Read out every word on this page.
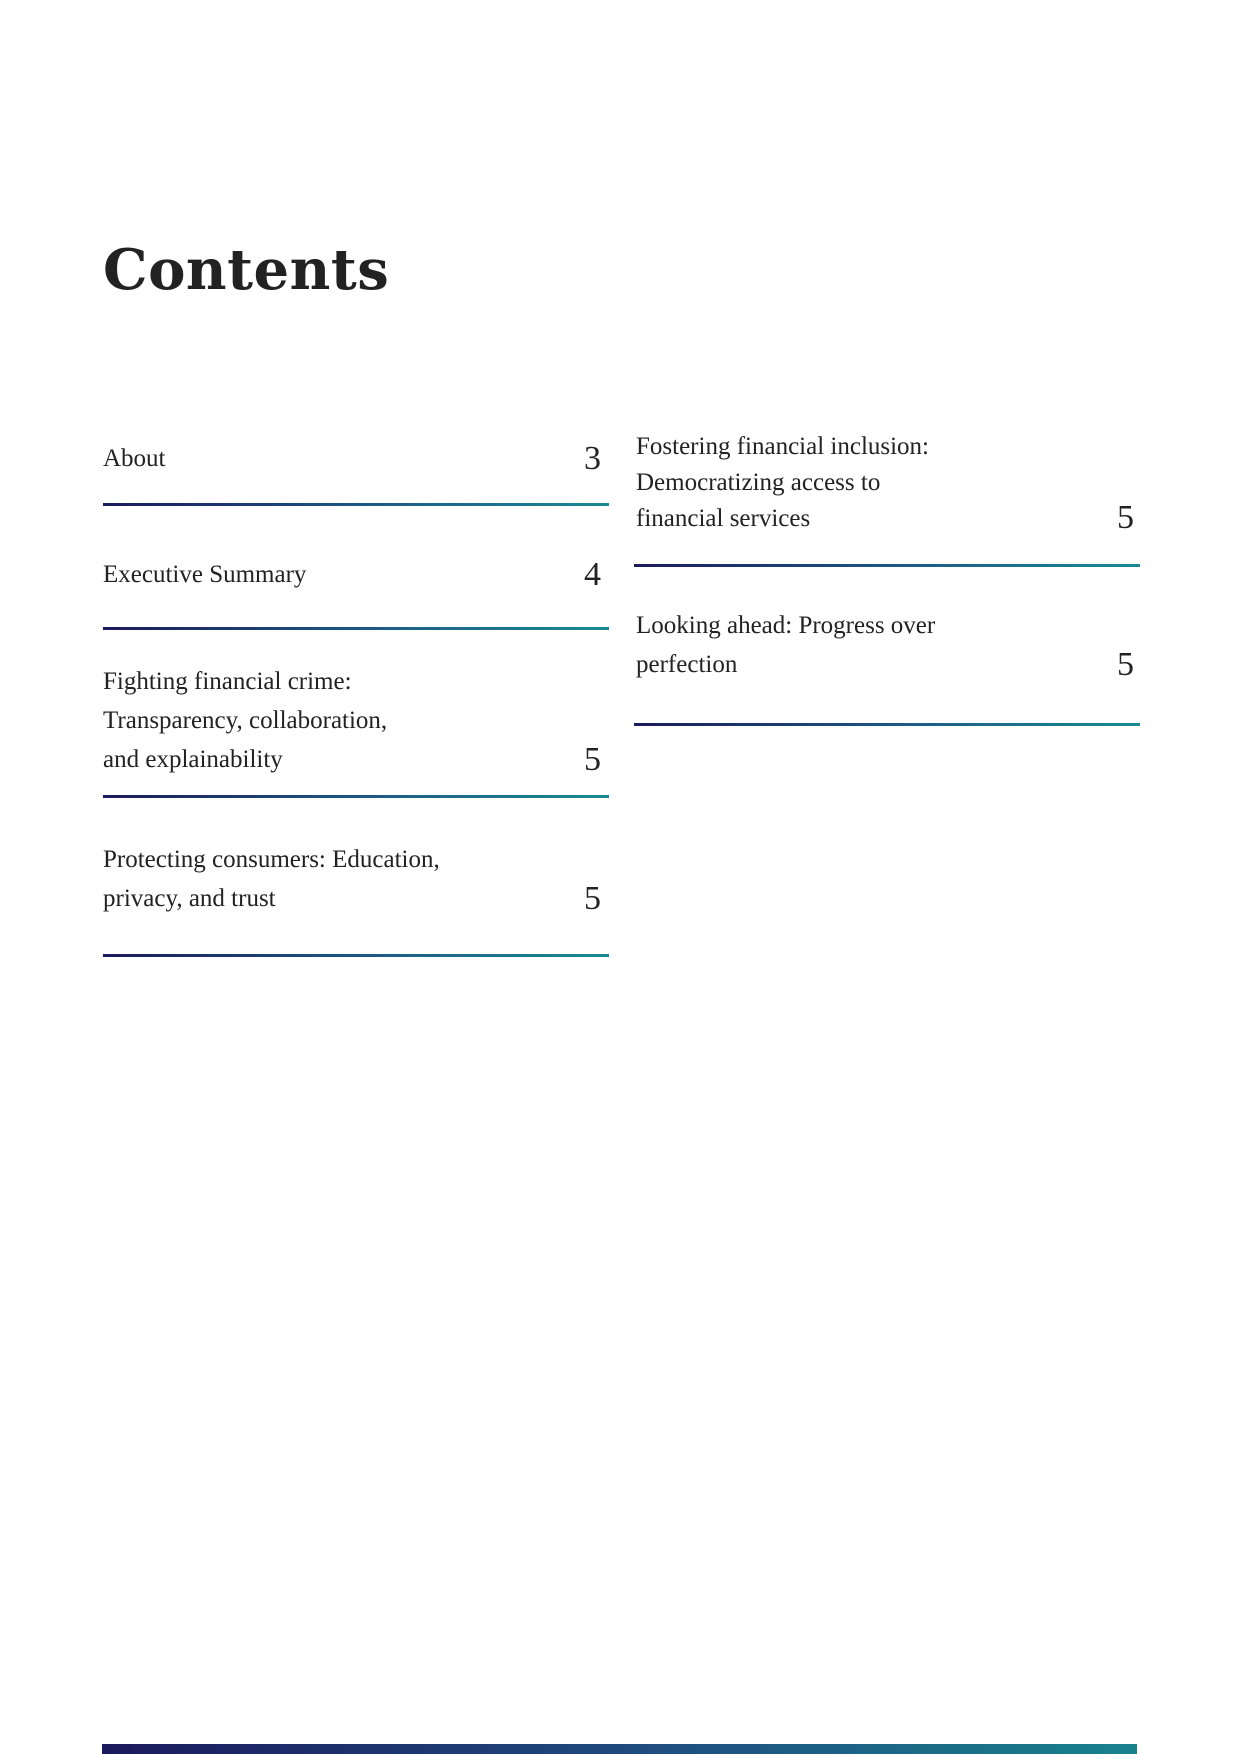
Contents
About	3
Executive Summary	4
Fighting financial crime:
Transparency, collaboration,
and explainability	5
Protecting consumers: Education,
privacy, and trust	5
Fostering financial inclusion:
Democratizing access to
financial services	5
Looking ahead: Progress over
perfection	5
